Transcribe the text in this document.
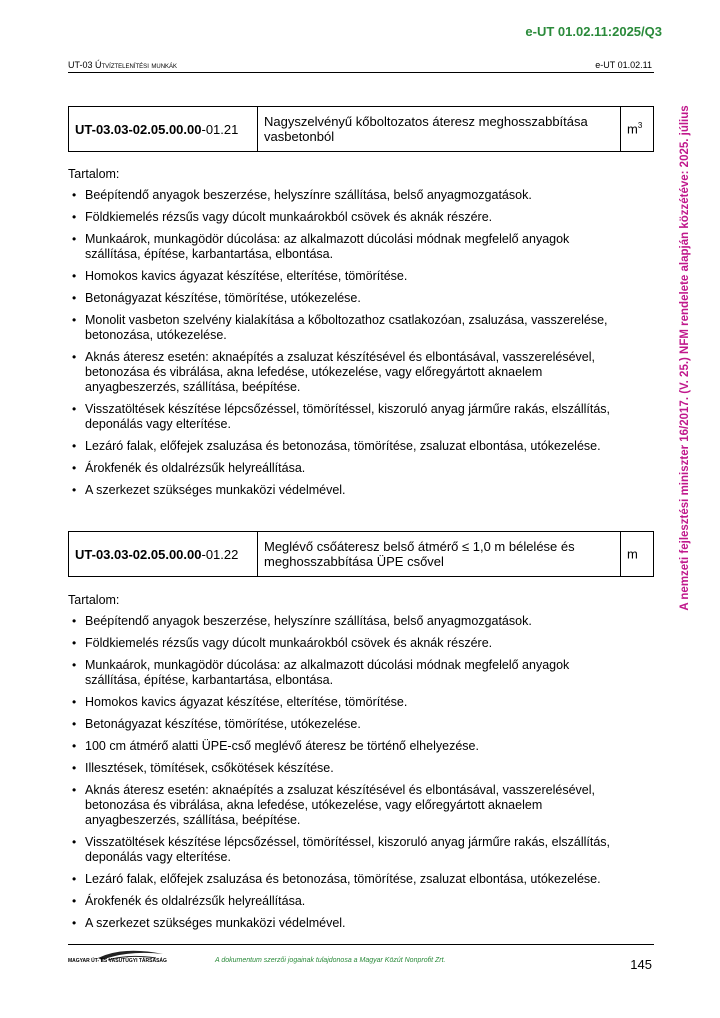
e-UT 01.02.11:2025/Q3
UT-03 Útvíztelenítési munkák	e-UT 01.02.11
A nemzeti fejlesztési miniszter 16/2017. (V. 25.) NFM rendelete alapján közzétéve: 2025. július
UT-03.03-02.05.00.00-01.21	Nagyszelvényű kőboltozatos áteresz meghosszabbítása
vasbetonból	$m^3$

Tartalom:

• Beépítendő anyagok beszerzése, helyszínre szállítása, belső anyagmozgatások.
• Földkiemelés rézsűs vagy dúcolt munkaárokból csövek és aknák részére.
• Munkaárok, munkagödör dúcolása: az alkalmazott dúcolási módnak megfelelő anyagok
szállítása, építése, karbantartása, elbontása.
• Homokos kavics ágyazat készítése, elterítése, tömörítése.
• Betonágyazat készítése, tömörítése, utókezelése.
• Monolit vasbeton szelvény kialakítása a kőboltozathoz csatlakozóan, zsaluzása, vasszerelése,
betonozása, utókezelése.
• Aknás áteresz esetén: aknaépítés a zsaluzat készítésével és elbontásával, vasszerelésével,
betonozása és vibrálása, akna lefedése, utókezelése, vagy előregyártott aknaelem
anyagbeszerzés, szállítása, beépítése.
• Visszatöltések készítése lépcsőzéssel, tömörítéssel, kiszoruló anyag járműre rakás, elszállítás,
deponálás vagy elterítése.
• Lezáró falak, előfejek zsaluzása és betonozása, tömörítése, zsaluzat elbontása, utókezelése.
• Árokfenék és oldalrézsűk helyreállítása.
• A szerkezet szükséges munkaközi védelmével.
UT-03.03-02.05.00.00-01.22	Meglévő csőáteresz belső átmérő ≤ 1,0 m bélelése és
meghosszabbítása ÜPE csővel	m

Tartalom:

• Beépítendő anyagok beszerzése, helyszínre szállítása, belső anyagmozgatások.
• Földkiemelés rézsűs vagy dúcolt munkaárokból csövek és aknák részére.
• Munkaárok, munkagödör dúcolása: az alkalmazott dúcolási módnak megfelelő anyagok
szállítása, építése, karbantartása, elbontása.
• Homokos kavics ágyazat készítése, elterítése, tömörítése.
• Betonágyazat készítése, tömörítése, utókezelése.
• 100 cm átmérő alatti ÜPE-cső meglévő áteresz be történő elhelyezése.
• Illesztések, tömítések, csőkötések készítése.
• Aknás áteresz esetén: aknaépítés a zsaluzat készítésével és elbontásával, vasszerelésével,
betonozása és vibrálása, akna lefedése, utókezelése, vagy előregyártott aknaelem
anyagbeszerzés, szállítása, beépítése.
• Visszatöltések készítése lépcsőzéssel, tömörítéssel, kiszoruló anyag járműre rakás, elszállítás,
deponálás vagy elterítése.
• Lezáró falak, előfejek zsaluzása és betonozása, tömörítése, zsaluzat elbontása, utókezelése.
• Árokfenék és oldalrézsűk helyreállítása.
• A szerkezet szükséges munkaközi védelmével.
MAGYAR ÚT- ÉS VASÚTÜGYI TÁRSASÁG	A dokumentum szerzői jogainak tulajdonosa a Magyar Közút Nonprofit Zrt.	145
